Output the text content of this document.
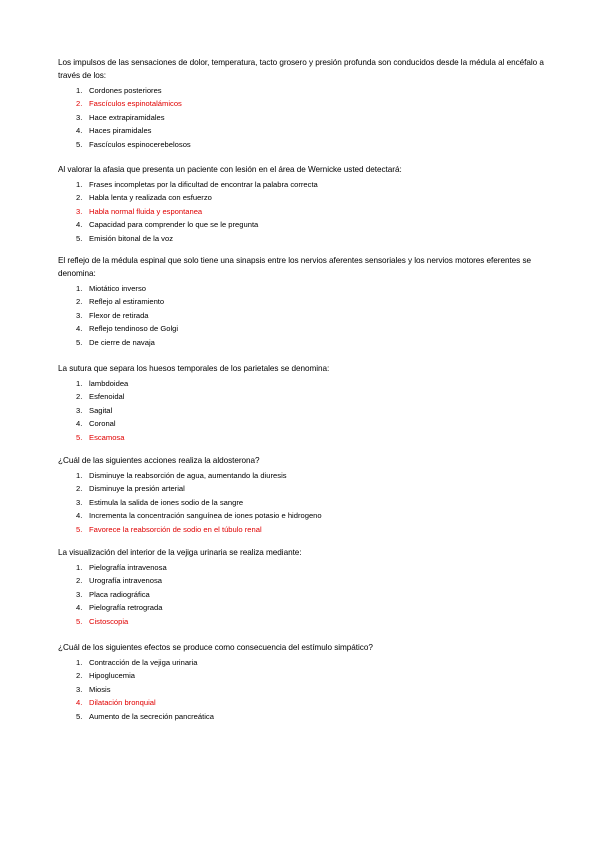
Los impulsos de las sensaciones de dolor, temperatura, tacto grosero y presión profunda son conducidos desde la médula al encéfalo a través de los:

1. Cordones posteriores
2. Fascículos espinotalámicos
3. Hace extrapiramidales
4. Haces piramidales
5. Fascículos espinocerebelosos

Al valorar la afasia que presenta un paciente con lesión en el área de Wernicke usted detectará:

1. Frases incompletas por la dificultad de encontrar la palabra correcta
2. Habla lenta y realizada con esfuerzo
3. Habla normal fluida y espontanea
4. Capacidad para comprender lo que se le pregunta
5. Emisión bitonal de la voz

El reflejo de la médula espinal que solo tiene una sinapsis entre los nervios aferentes sensoriales y los nervios motores eferentes se denomina:

1. Miotático inverso
2. Reflejo al estiramiento
3. Flexor de retirada
4. Reflejo tendinoso de Golgi
5. De cierre de navaja

La sutura que separa los huesos temporales de los parietales se denomina:

1. lambdoidea
2. Esfenoidal
3. Sagital
4. Coronal
5. Escamosa

¿Cuál de las siguientes acciones realiza la aldosterona?

1. Disminuye la reabsorción de agua, aumentando la diuresis
2. Disminuye la presión arterial
3. Estimula la salida de iones sodio de la sangre
4. Incrementa la concentración sanguínea de iones potasio e hidrogeno
5. Favorece la reabsorción de sodio en el túbulo renal

La visualización del interior de la vejiga urinaria se realiza mediante:

1. Pielografía intravenosa
2. Urografía intravenosa
3. Placa radiográfica
4. Pielografía retrograda
5. Cistoscopia

¿Cuál de los siguientes efectos se produce como consecuencia del estímulo simpático?

1. Contracción de la vejiga urinaria
2. Hipoglucemia
3. Miosis
4. Dilatación bronquial
5. Aumento de la secreción pancreática
